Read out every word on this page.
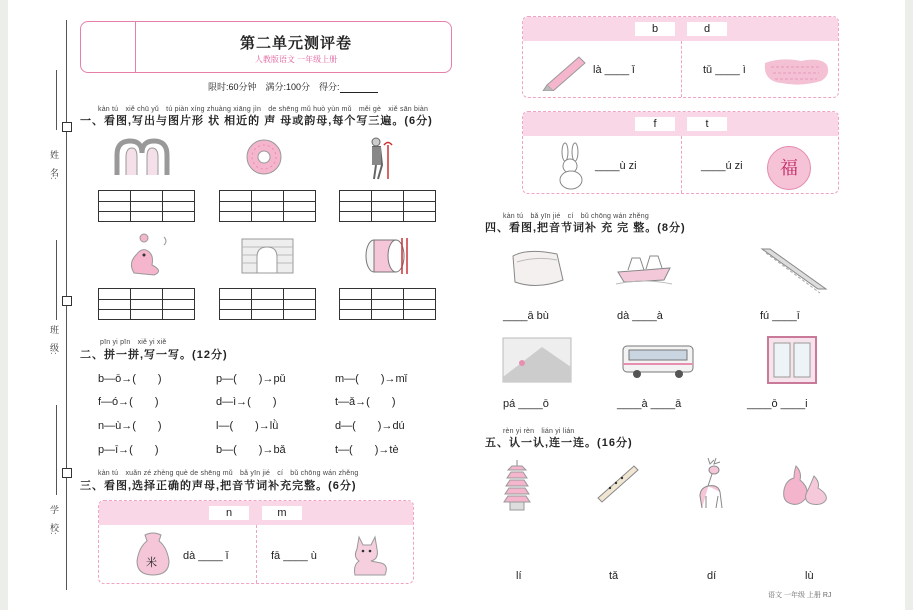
姓　名:
班　级:
学　校:
第二单元测评卷
人教版语文 一年级上册
限时:60分钟　满分:100分　得分:
kàn tú　xiě chū yǔ　tú piàn xíng zhuàng xiāng jìn　de shēng mǔ huò yùn mǔ　měi gè　xiě sān biàn
一、看图,写出与图片形 状 相近的 声 母或韵母,每个写三遍。(6分)
pīn yi pīn　xiě yi xiě
二、拼一拼,写一写。(12分)
b—ō→(　　)	p—(　　)→pǔ	m—(　　)→mǐ
f—ó→(　　)	d—ì→(　　)	t—ǎ→(　　)
n—ù→(　　)	l—(　　)→lǜ	d—(　　)→dú
p—ī→(　　)	b—(　　)→bǎ	t—(　　)→tè
kàn tú　xuǎn zé zhèng què de shēng mǔ　bǎ yīn jié　cí　bǔ chōng wán zhěng
三、看图,选择正确的声母,把音节词补充完整。(6分)
n	m
米
dà ____ ǐ	fā ____ ù
b	d
là ____ ǐ	tǔ ____ ì
f	t
____ù zi	____ú zi	福
kàn tú　bǎ yīn jié　cí　bǔ chōng wán zhěng
四、看图,把音节词补 充 完 整。(8分)
____ā bù	dà ____à	fú ____ī
pá ____ō	____à ____ā	____ō ____i
rèn yi rèn　lián yi lián
五、认一认,连一连。(16分)
lí	tǎ	dí	lù
语文 一年级 上册 RJ
